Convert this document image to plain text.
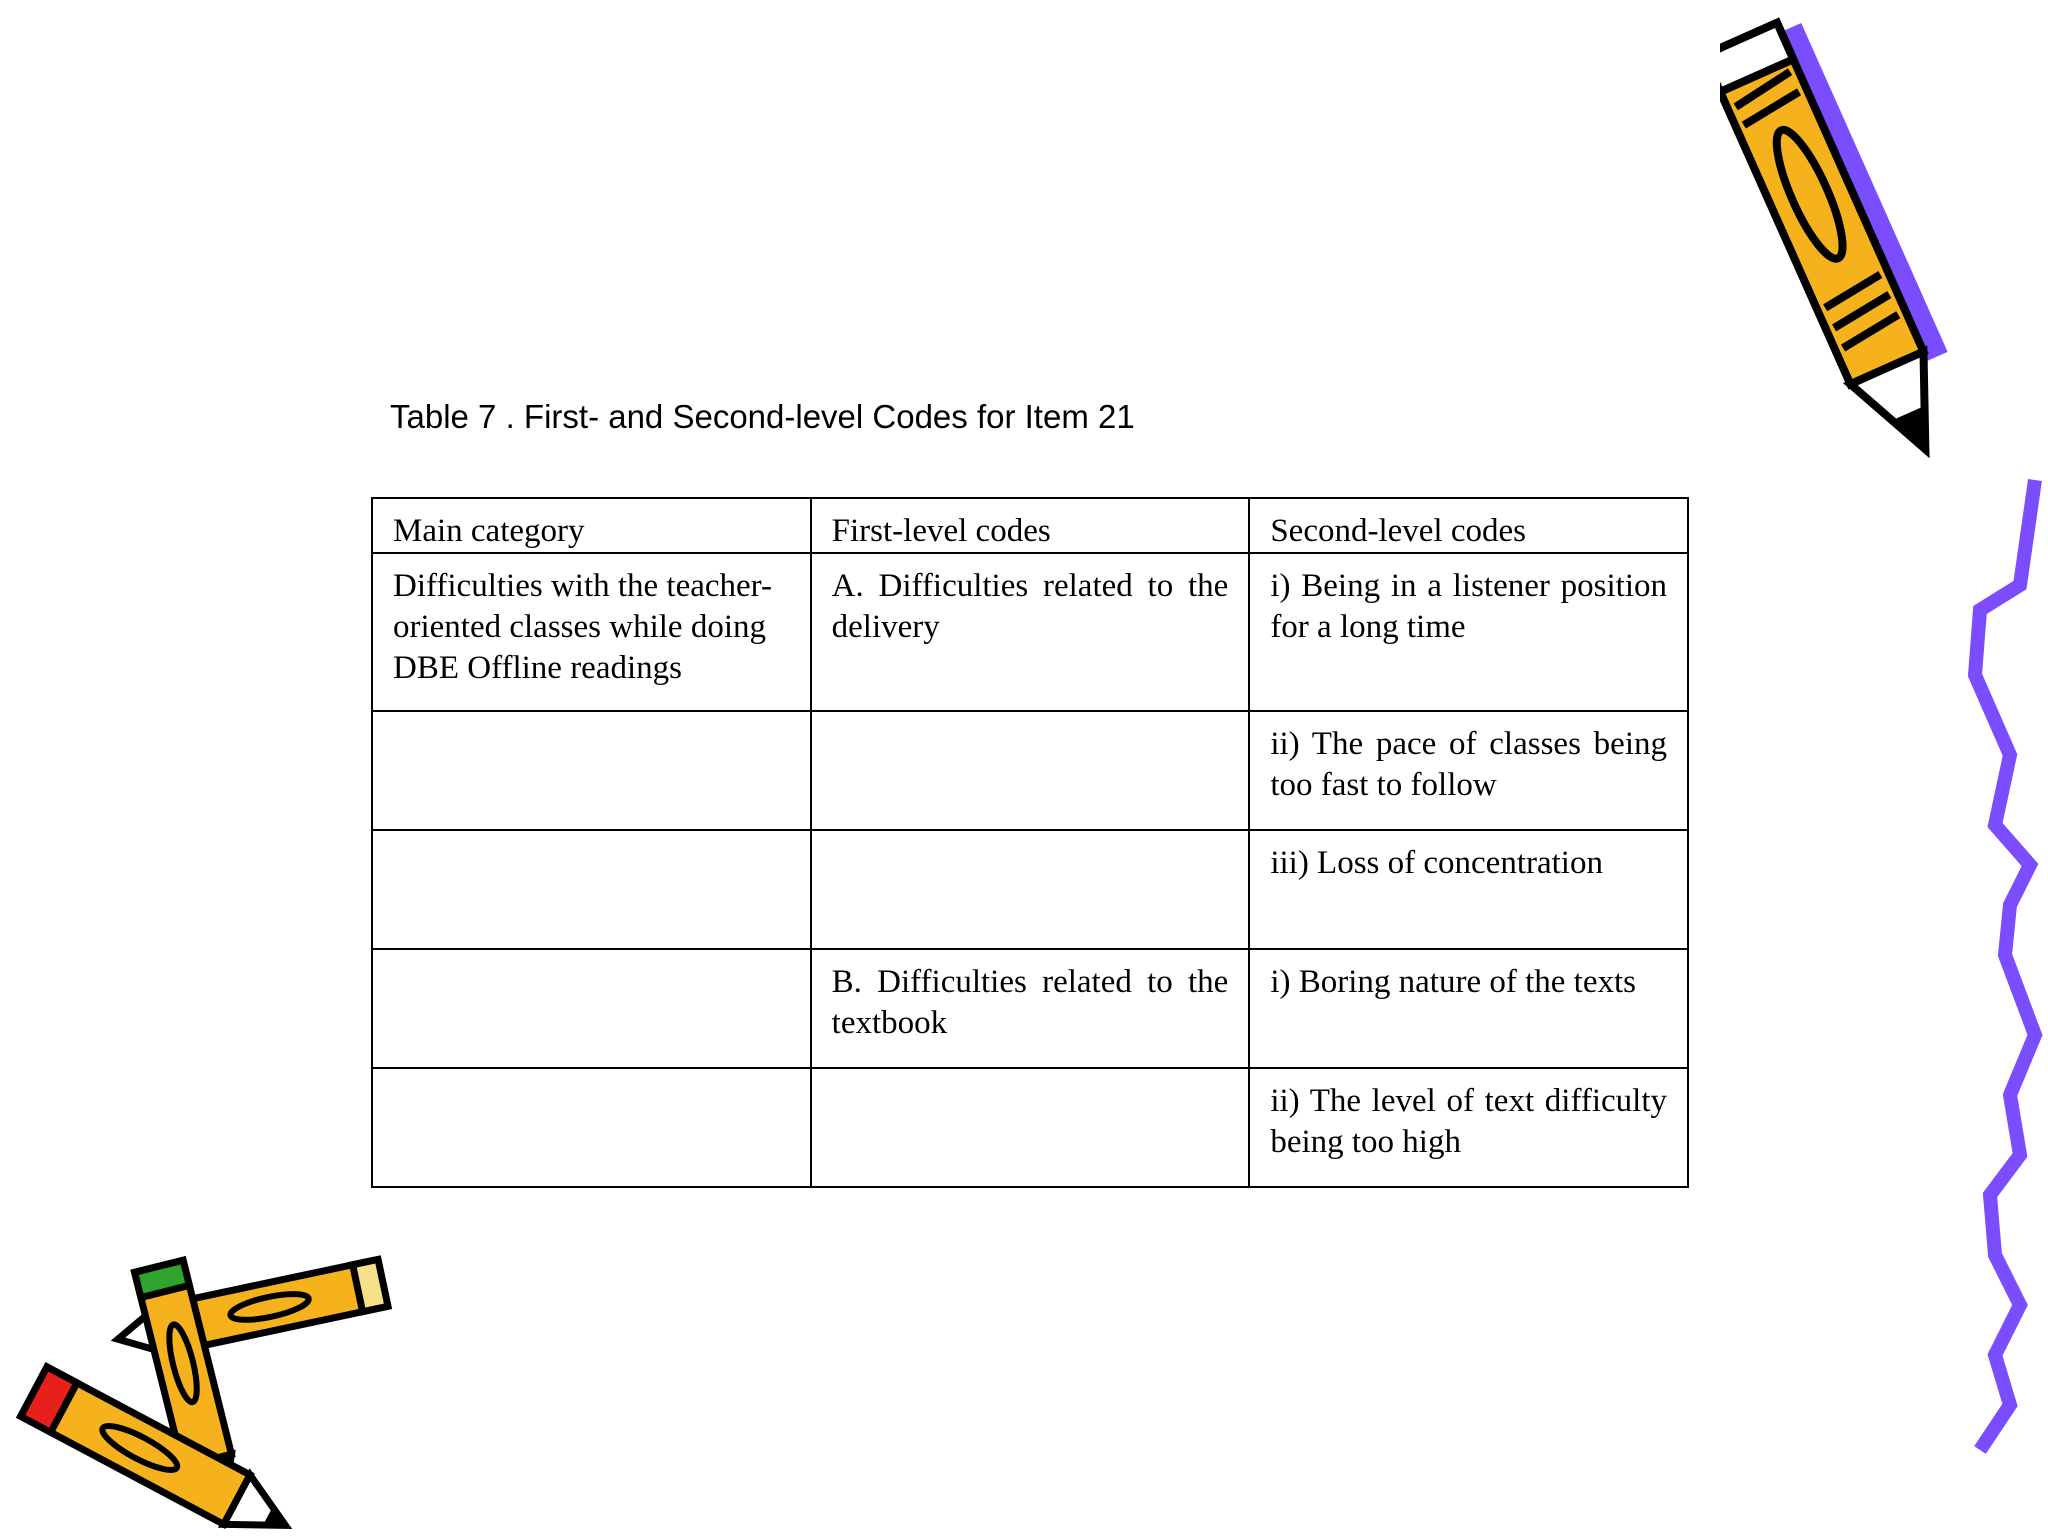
Table 7 . First- and Second-level Codes for Item 21
Main category	First-level codes	Second-level codes
Difficulties with the teacher-oriented classes while doing DBE Offline readings	A. Difficulties related to the delivery	i) Being in a listener position for a long time
		ii) The pace of classes being too fast to follow
		iii) Loss of concentration
	B. Difficulties related to the textbook	i) Boring nature of the texts
		ii) The level of text difficulty being too high
